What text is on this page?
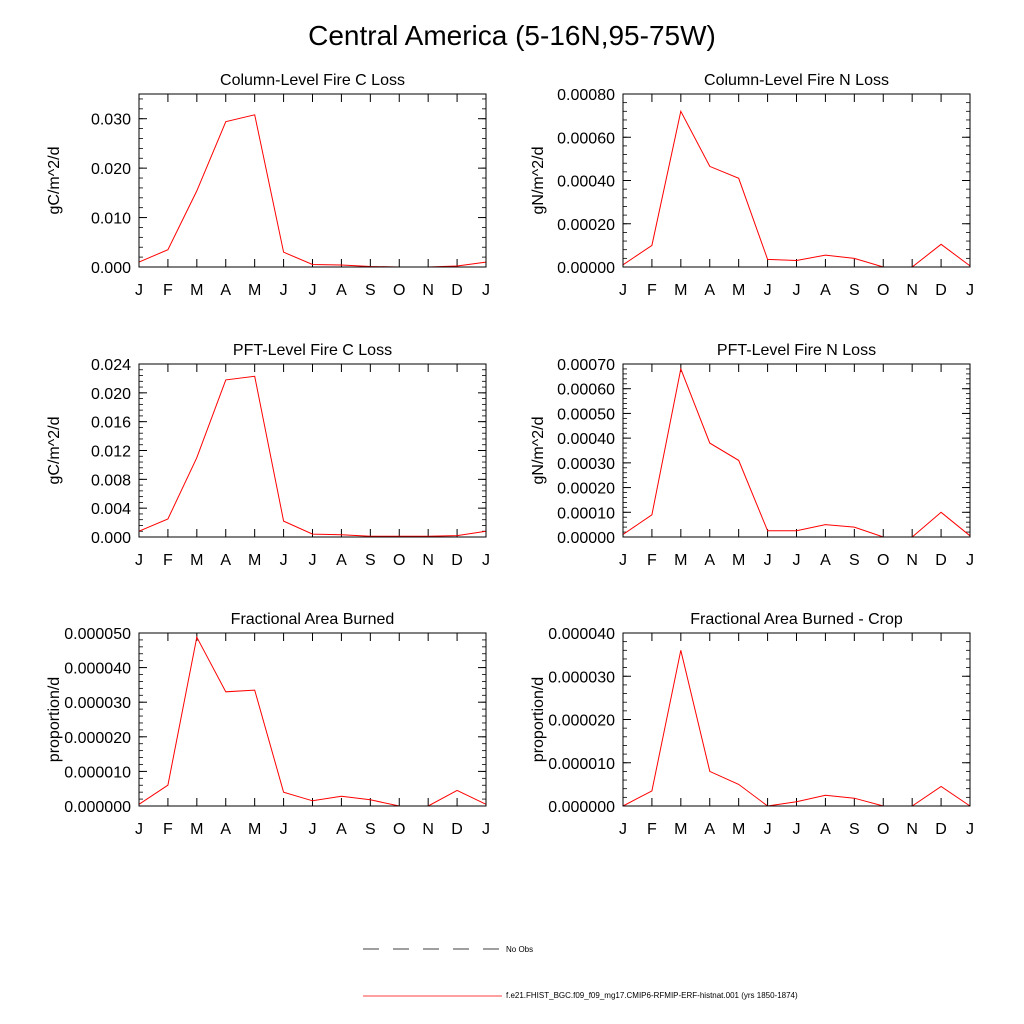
Central America (5-16N,95-75W)
Column-Level Fire C Loss
gC/m^2/d
J F M A M J J A S O N D J
0.000
0.010
0.020
0.030
Column-Level Fire N Loss
gN/m^2/d
J F M A M J J A S O N D J
0.00000
0.00020
0.00040
0.00060
0.00080
PFT-Level Fire C Loss
gC/m^2/d
J F M A M J J A S O N D J
0.000
0.004
0.008
0.012
0.016
0.020
0.024
PFT-Level Fire N Loss
gN/m^2/d
J F M A M J J A S O N D J
0.00000
0.00010
0.00020
0.00030
0.00040
0.00050
0.00060
0.00070
Fractional Area Burned
proportion/d
J F M A M J J A S O N D J
0.000000
0.000010
0.000020
0.000030
0.000040
0.000050
Fractional Area Burned - Crop
proportion/d
J F M A M J J A S O N D J
0.000000
0.000010
0.000020
0.000030
0.000040
No Obs
f.e21.FHIST_BGC.f09_f09_mg17.CMIP6-RFMIP-ERF-histnat.001 (yrs 1850-1874)
